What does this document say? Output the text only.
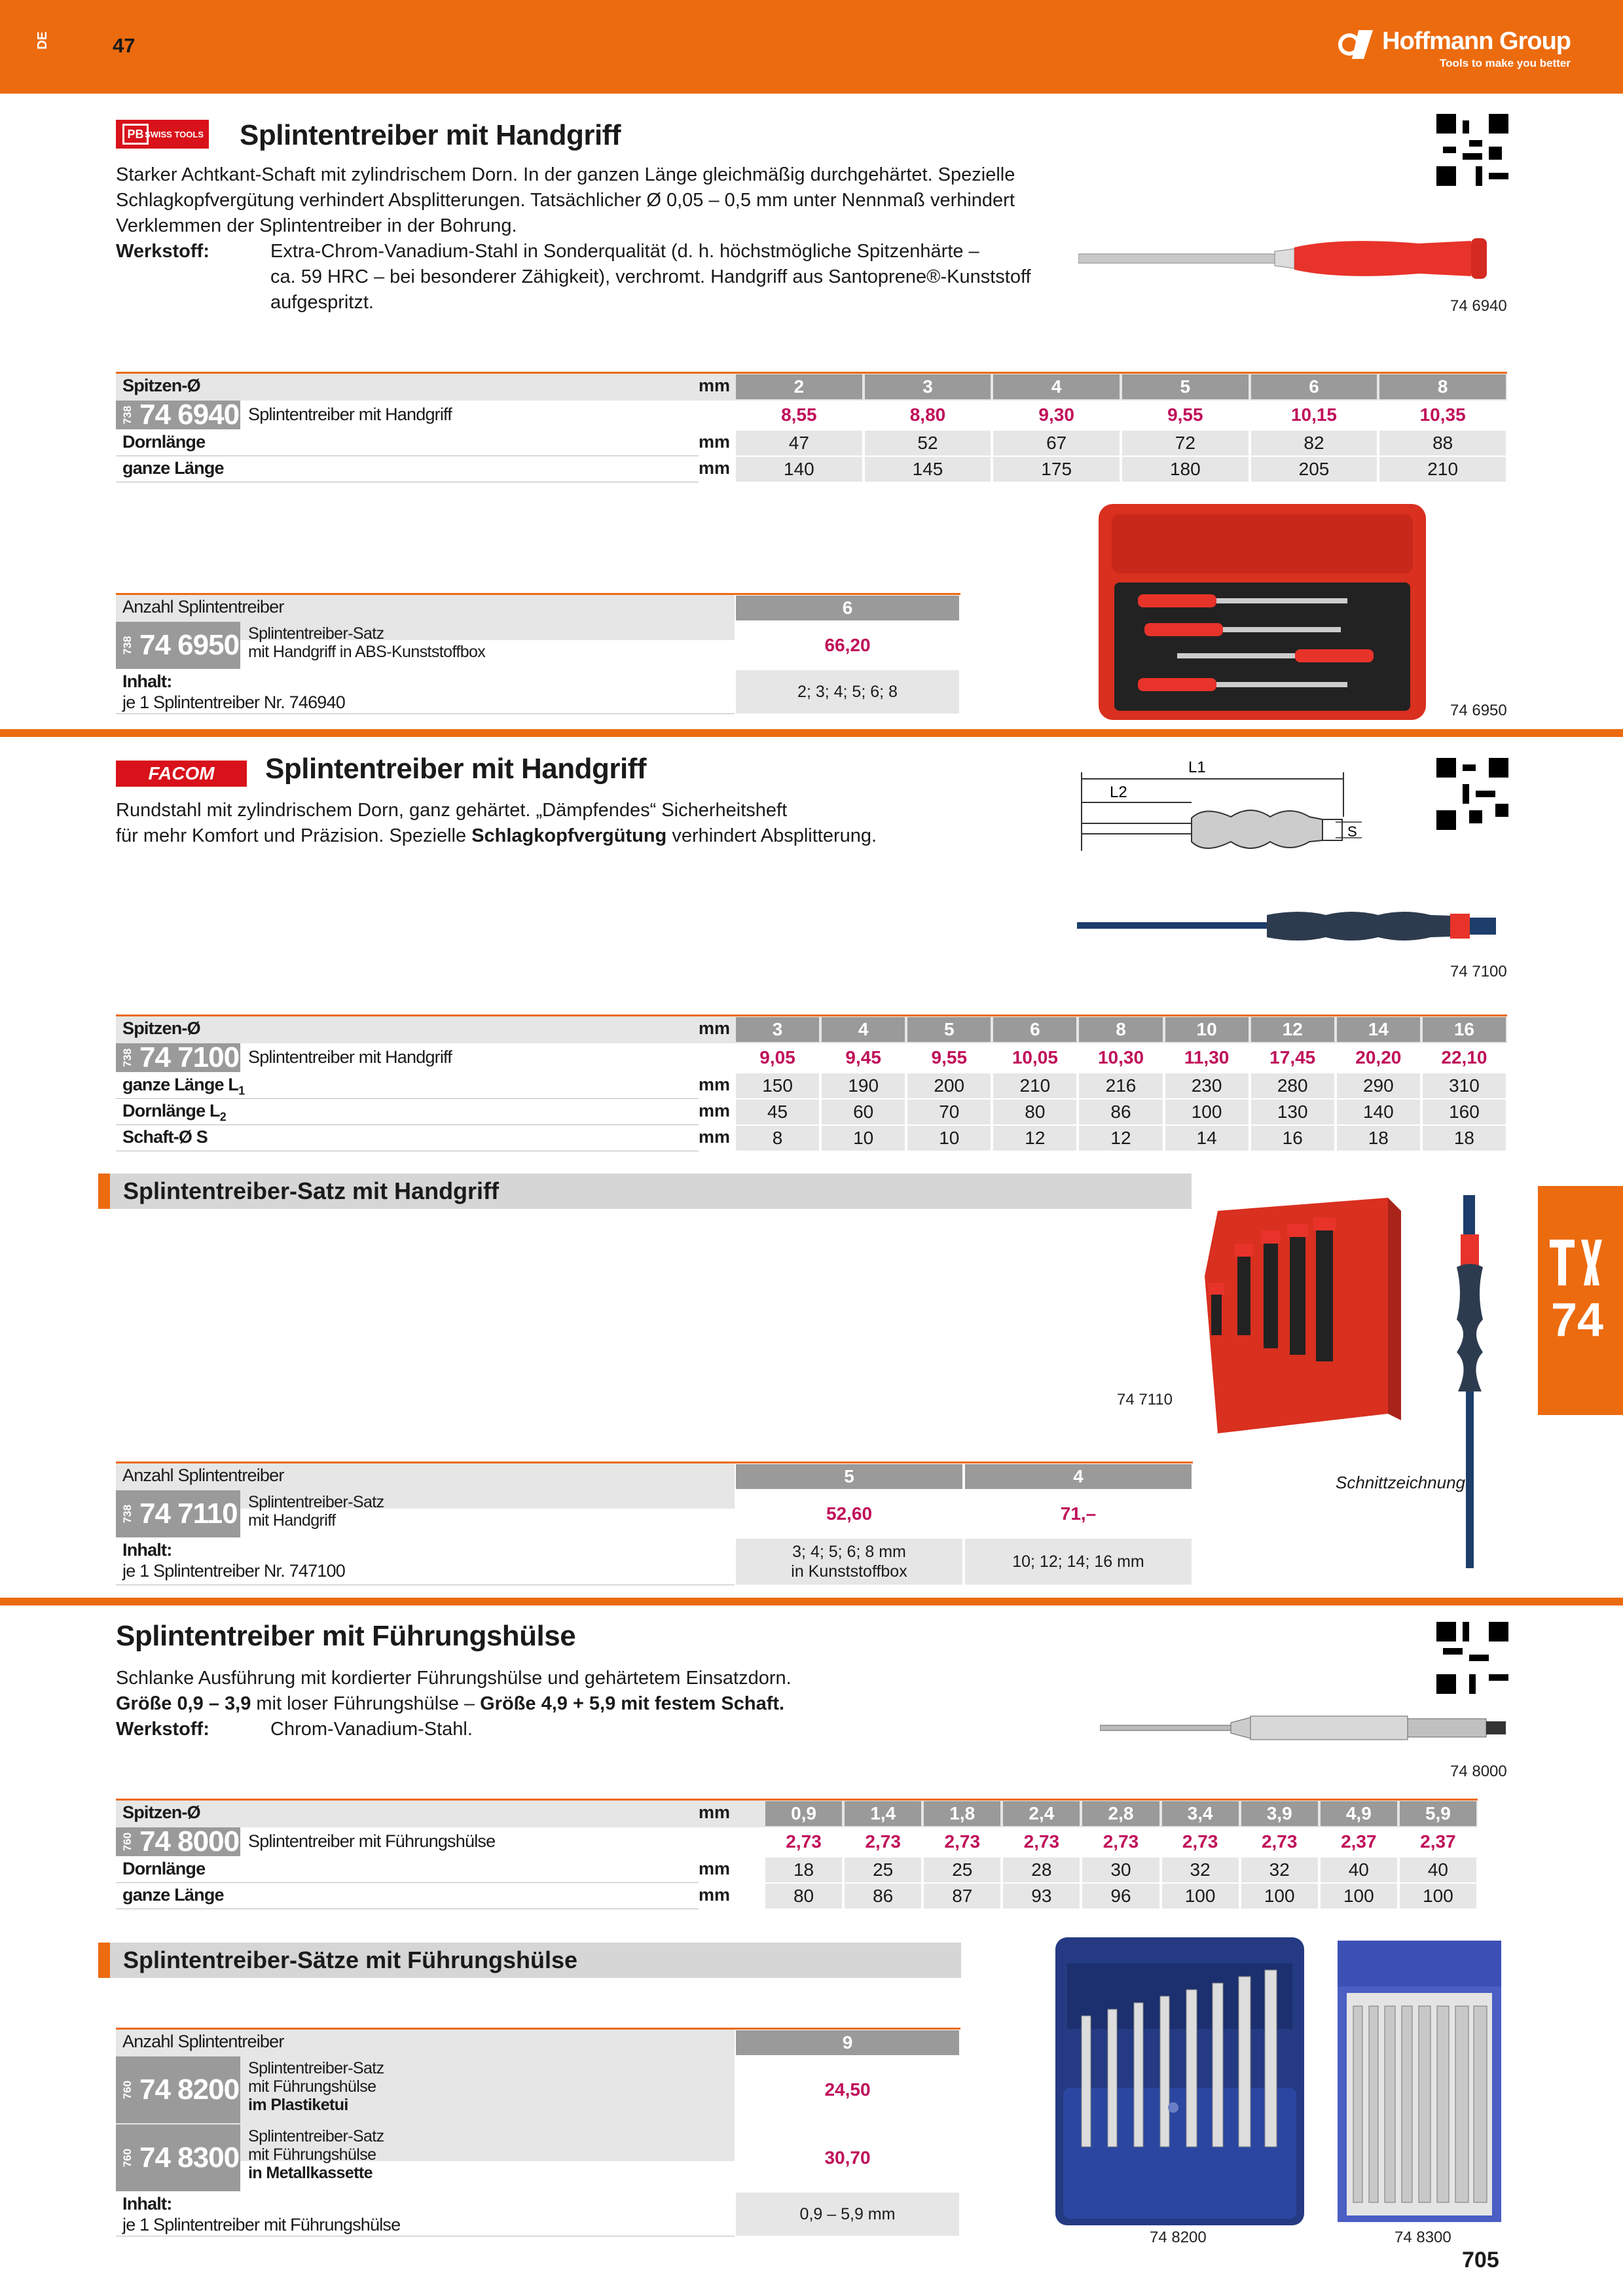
DE	47	Hoffmann Group
Tools to make you better
PB SWISS TOOLS Splintentreiber mit Handgriff
Starker Achtkant-Schaft mit zylindrischem Dorn. In der ganzen Länge gleichmäßig durchgehärtet. Spezielle
Schlagkopfvergütung verhindert Absplitterungen. Tatsächlicher Ø 0,05 – 0,5 mm unter Nennmaß verhindert
Verklemmen der Splintentreiber in der Bohrung.
Werkstoff:	Extra-Chrom-Vanadium-Stahl in Sonderqualität (d. h. höchstmögliche Spitzenhärte –
ca. 59 HRC – bei besonderer Zähigkeit), verchromt. Handgriff aus Santoprene®-Kunststoff
aufgespritzt.	74 6940
Spitzen-Ø	mm	2	3	4	5	6	8
738 74 6940 Splintentreiber mit Handgriff	8,55	8,80	9,30	9,55	10,15	10,35
Dornlänge	mm	47	52	67	72	82	88
ganze Länge	mm	140	145	175	180	205	210
74 6950
Anzahl Splintentreiber	6
738 74 6950 Splintentreiber-Satz
mit Handgriff in ABS-Kunststoffbox	66,20
Inhalt:
je 1 Splintentreiber Nr. 746940
2; 3; 4; 5; 6; 8
FACOM Splintentreiber mit Handgriff
Rundstahl mit zylindrischem Dorn, ganz gehärtet. „Dämpfendes“ Sicherheitsheft
für mehr Komfort und Präzision. Spezielle Schlagkopfvergütung verhindert Absplitterung.
L1
L2
S
74 7100
Spitzen-Ø	mm	3	4	5	6	8	10	12	14	16
738 74 7100 Splintentreiber mit Handgriff	9,05	9,45	9,55	10,05	10,30	11,30	17,45	20,20	22,10
ganze Länge $L_1$	mm	150	190	200	210	216	230	280	290	310
Dornlänge $L_2$	mm	45	60	70	80	86	100	130	140	160
Schaft-Ø S	mm	8	10	10	12	12	14	16	18	18
Splintentreiber-Satz mit Handgriff
74 7110
Schnittzeichnung
Anzahl Splintentreiber	5	4
738 74 7110 Splintentreiber-Satz
mit Handgriff	52,60	71,–
Inhalt:
je 1 Splintentreiber Nr. 747100
3; 4; 5; 6; 8 mm
in Kunststoffbox
10; 12; 14; 16 mm
74
Splintentreiber mit Führungshülse
Schlanke Ausführung mit kordierter Führungshülse und gehärtetem Einsatzdorn.
Größe 0,9 – 3,9 mit loser Führungshülse – Größe 4,9 + 5,9 mit festem Schaft.
Werkstoff:	Chrom-Vanadium-Stahl.
74 8000
Spitzen-Ø	mm	0,9	1,4	1,8	2,4	2,8	3,4	3,9	4,9	5,9
760 74 8000 Splintentreiber mit Führungshülse	2,73	2,73	2,73	2,73	2,73	2,73	2,73	2,37	2,37
Dornlänge	mm	18	25	25	28	30	32	32	40	40
ganze Länge	mm	80	86	87	93	96	100	100	100	100
Splintentreiber-Sätze mit Führungshülse
Anzahl Splintentreiber	9
760 74 8200
Splintentreiber-Satz
mit Führungshülse
im Plastiketui
24,50
760 74 8300
Splintentreiber-Satz
mit Führungshülse
in Metallkassette
30,70
Inhalt:
je 1 Splintentreiber mit Führungshülse
0,9 – 5,9 mm
74 8200	74 8300
705
